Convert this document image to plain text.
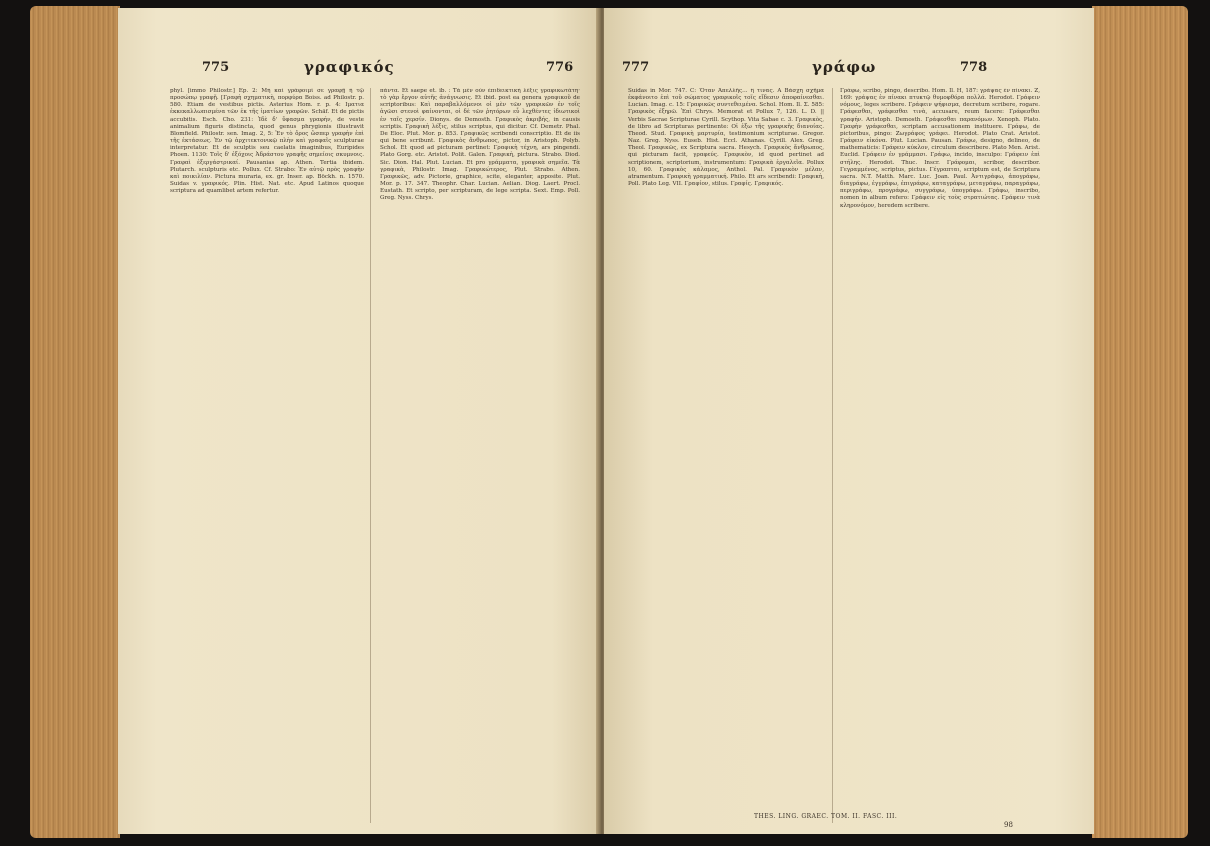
775	γραφικός	776

phyl. [immo Philostr.] Ep. 2: Μὴ καὶ γράφοιμί σε γραφῇ ἢ τῷ προσώπῳ γραφῇ. [Γραφὴ σχηματικὴ, πορφύρα Boiss. ad Philostr. p. 580. Etiam de vestibus pictis. Asterius Hom. r. p. 4: Ιματια ἐκκεκαλλωπισμένα τῶν ἐκ τῆς ἱματίων γραφῶν. Schäf. Et de pictis accubitis. Esch. Cho. 231: Ἰδὲ δ' ὕφασμα γραφήν, de veste animalium figuris distincta, quod genus phrygionis illustravit Blomfield. Philostr. sen. Imag. 2, 5: Ἐν τὸ ὄρος ὥσπερ γραφὴν ἐπὶ τῆς ἐκτάσεως. Ἐν τῷ ἀρχιτεκτονικῷ πλὴν καὶ γραφαῖς sculpturae interpretatur. Et de sculptis seu caelatis imaginibus, Euripides Phoen. 1130: Τοῖς δ' ἐξόχοις Ἀδράστου γραφῆς σημείοις σκυμνοις. Γραφαὶ ἐξεργάστρικαί. Pausanias ap. Athen. Tertia ibidem. Plutarch. sculpturis etc. Pollux. Cf. Strabo: Ἐν αὐτῷ πρὸς γραφὴν καὶ ποικιλίαν. Pictura muraria, ex. gr. Inser. ap. Böckh. n. 1570. Suidas v. γραφικός. Plin. Hist. Nat. etc. Apud Latinos quoque scriptura ad quamlibet artem refertur.

πάντα. Et saepe et. ib. : Τὰ μὲν οὖν ἐπιδεικτικὴ λέξις γραφικωτάτη· τὸ γὰρ ἔργον αὐτῆς ἀνάγνωσις. Et ibid. post ea genera γραφικοῦ de scriptoribus: Καὶ παραβαλλόμενοι οἱ μὲν τῶν γραφικῶν ἐν τοῖς ἀγῶσι στενοὶ φαίνονται, οἱ δὲ τῶν ῥητόρων εὖ λεχθέντες ἰδιωτικοὶ ἐν ταῖς χερσίν. Dionys. de Demosth. Γραφικὸς ἀκριβής, in causis scriptis. Γραφικὴ λέξις, stilus scriptus, qui dicitur. Cf. Demetr. Phal. De Eloc. Plut. Mor. p. 853. Γραφικῶς scribendi conscriptio. Et de iis qui bene scribunt. Γραφικὸς ἄνθρωπος, pictor, in Aristoph. Polyb. Schol. Et quod ad picturam pertinet: Γραφικὴ τέχνη, ars pingendi. Plato Gorg. etc. Aristot. Polit. Galen. Γραφικὴ, pictura. Strabo. Diod. Sic. Dion. Hal. Plut. Lucian. Et pro γράμματα, γραφικὰ σημεῖα. Τὰ γραφικὰ, Philostr. Imag. Γραφικώτερος, Plut. Strabo. Athen. Γραφικῶς, adv. Pictorie, graphice, scite, eleganter, apposite. Plut. Mor. p. 17. 347. Theophr. Char. Lucian. Aelian. Diog. Laert. Procl. Eustath. Et scripto, per scripturam, de lege scripta. Sext. Emp. Poll. Greg. Nyss. Chrys.

777	γράφω	778

Suidas in Mor. 747. C: Ὅταν Ἀπελλῆς... ἢ τινας. Α Βάσχη σχῆμα ἐκφάνοιτο ἐπὶ τοῦ σώματος γραφικοῖς τοῖς εἴδεσιν ἀποφαίνεσθαι. Lucian. Imag. c. 15: Γραφικῶς συντεθειμένα. Schol. Hom. Il. Σ. 585: Γραφικὸς ἐξηρῶ. Ἐπὶ Chrys. Memorat et Pollux 7, 126. L. D. || Verbis Sacrae Scripturae Cyrill. Scythop. Vita Sabae c. 3. Γραφικὸς, de libro ad Scripturas pertinente: Οἱ ἐξω τῆς γραφικῆς διανοίας. Theod. Stud. Γραφικὴ μαρτυρία, testimonium scripturae. Gregor. Naz. Greg. Nyss. Euseb. Hist. Eccl. Athanas. Cyrill. Alex. Greg. Theol. Γραφικῶς, ex Scriptura sacra. Hesych. Γραφικὸς ἄνθρωπος, qui picturam facit, γραφεύς. Γραφικὸν, id quod pertinet ad scriptionem, scriptorium, instrumentum: Γραφικὰ ἐργαλεῖα. Pollux 10, 60. Γραφικὸς κάλαμος, Anthol. Pal. Γραφικὸν μέλαν, atramentum. Γραφικὴ γραμματική. Philo. Et ars scribendi: Γραφικὴ, Poll. Plato Leg. VII. Γραφίον, stilus. Γραφίς. Γραφικός.

Γράφω, scribo, pingo, describo. Hom. Il. H, 187: γράψας ἐν πίνακι. Ζ, 169: γράψας ἐν πίνακι πτυκτῷ θυμοφθόρα πολλά. Herodot. Γράφειν νόμους, leges scribere. Γράφειν ψήφισμα, decretum scribere, rogare. Γράφεσθαι, γράφεσθαι τινὰ, accusare, reum facere: Γράφεσθαι γραφήν. Aristoph. Demosth. Γράφεσθαι παρανόμων. Xenoph. Plato. Γραφὴν γράφεσθαι, scriptam accusationem instituere. Γράφω, de pictoribus, pingo: Ζωγράφος γράφει. Herodot. Plato Crat. Aristot. Γράφειν εἰκόνα. Plut. Lucian. Pausan. Γράφω, designo, delineo, de mathematicis: Γράφειν κύκλον, circulum describere. Plato Men. Arist. Euclid. Γράφειν ἐν γράμμασι. Γράφω, incido, insculpo: Γράφειν ἐπὶ στήλης. Herodot. Thuc. Inscr. Γράφομαι, scribor, describor. Γεγραμμένος, scriptus, pictus. Γέγραπται, scriptum est, de Scriptura sacra. N.T. Matth. Marc. Luc. Joan. Paul. Ἀντιγράφω, ἀπογράφω, διαγράφω, ἐγγράφω, ἐπιγράφω, καταγράφω, μεταγράφω, παραγράφω, περιγράφω, προγράφω, συγγράφω, ὑπογράφω. Γράφω, inscribo, nomen in album refero: Γράφειν εἰς τοὺς στρατιώτας. Γράφειν τινὰ κληρονόμον, heredem scribere.

THES. LING. GRAEC. TOM. II. FASC. III.
98
